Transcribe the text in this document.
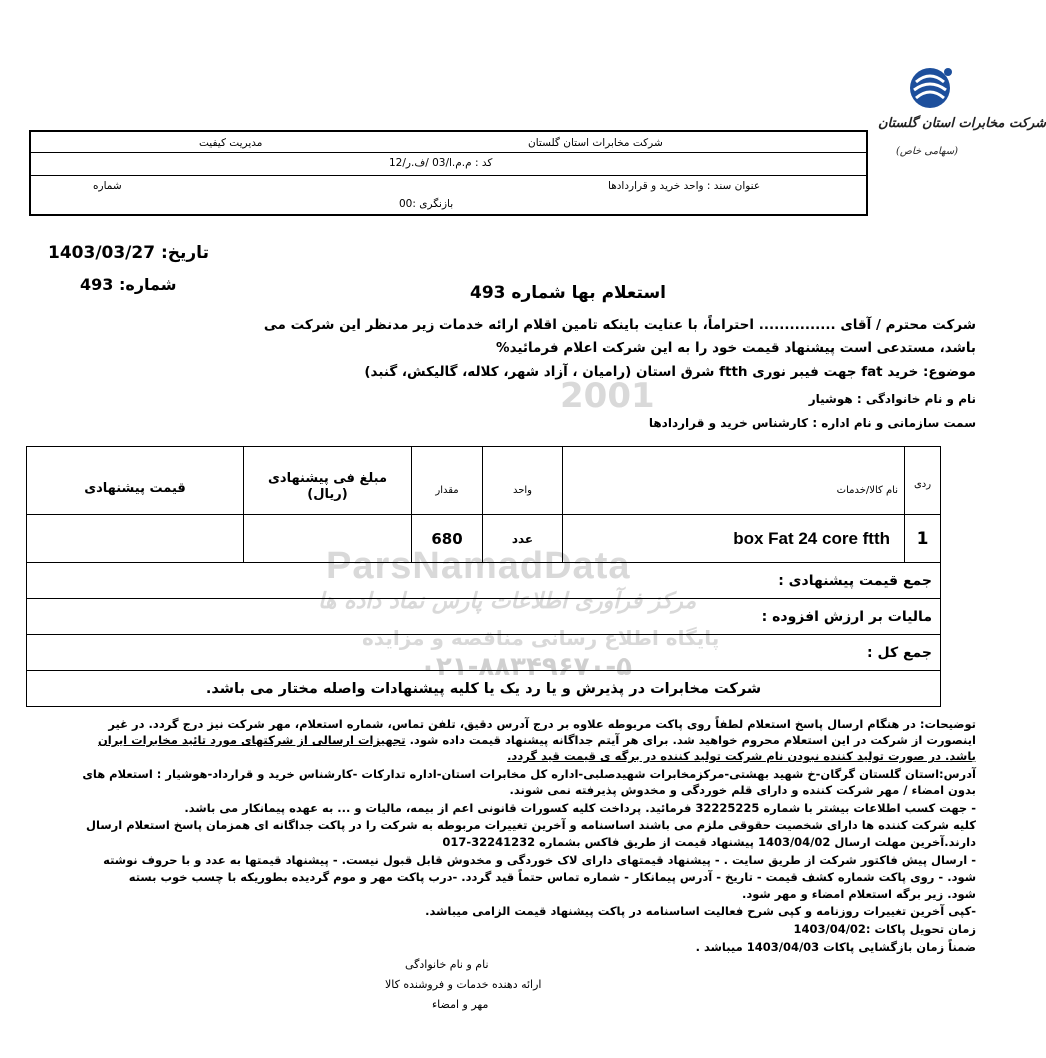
شرکت مخابرات استان گلستان
(سهامی خاص)
شرکت مخابرات استان گلستان
مدیریت کیفیت
کد : م.م.ا/03 /ف.ر/12
عنوان سند : واحد خرید و قراردادها
شماره
بازنگری :00
ParsNamadData
مرکز فرآوری اطلاعات پارس نماد داده ها
پایگاه اطلاع رسانی مناقصه و مزایده
۰۲۱-۸۸۳۴۹۶۷۰-۵
2001
تاریخ: 1403/03/27
شماره: 493	استعلام بها شماره 493
شرکت محترم / آقای ............... احتراماً، با عنایت باینکه تامین اقلام ارائه خدمات زیر مدنظر این شرکت می
باشد، مستدعی است پیشنهاد قیمت خود را به این شرکت اعلام فرمائید%
موضوع: خرید fat جهت فیبر نوری ftth شرق استان (رامیان ، آزاد شهر، کلاله، گالیکش، گنبد)
نام و نام خانوادگی : هوشیار
سمت سازمانی و نام اداره : کارشناس خرید و قراردادها
ردی	نام کالا/خدمات	واحد	مقدار	مبلغ فی پیشنهادی (ریال)	قیمت پیشنهادی
1	box Fat 24 core ftth	عدد	680		
جمع قیمت پیشنهادی :					
مالیات بر ارزش افزوده :					
جمع کل :					
شرکت مخابرات در پذیرش و یا رد یک یا کلیه پیشنهادات واصله مختار می باشد.					
توضیحات: در هنگام ارسال پاسخ استعلام لطفاً روی پاکت مربوطه علاوه بر درج آدرس دقیق، تلفن تماس، شماره استعلام، مهر شرکت نیز درج گردد. در غیر
اینصورت از شرکت در این استعلام محروم خواهید شد. برای هر آیتم جداگانه پیشنهاد قیمت داده شود. تجهیزات ارسالی از شرکتهای مورد تائید مخابرات ایران
باشد. در صورت تولید کننده نبودن نام شرکت تولید کننده در برگه ی قیمت قید گردد.
آدرس:استان گلستان گرگان-خ شهید بهشتی-مرکزمخابرات شهیدصلبی-اداره کل مخابرات استان-اداره تدارکات -کارشناس خرید و قرارداد-هوشیار : استعلام های
بدون امضاء / مهر شرکت کننده و دارای قلم خوردگی و مخدوش پذیرفته نمی شوند.
- جهت کسب اطلاعات بیشتر با شماره 32225225 فرمائید. پرداخت کلیه کسورات قانونی اعم از بیمه، مالیات و ... به عهده پیمانکار می باشد.
کلیه شرکت کننده ها دارای شخصیت حقوقی ملزم می باشند اساسنامه و آخرین تغییرات مربوطه به شرکت را در پاکت جداگانه ای همزمان پاسخ استعلام ارسال
دارند.آخرین مهلت ارسال 1403/04/02 پیشنهاد قیمت از طریق فاکس بشماره 32241232-017
- ارسال پیش فاکتور شرکت از طریق سایت . - پیشنهاد قیمتهای دارای لاک خوردگی و مخدوش قابل قبول نیست. - پیشنهاد قیمتها به عدد و با حروف نوشته
شود. - روی پاکت شماره کشف قیمت - تاریخ - آدرس پیمانکار - شماره تماس حتماً قید گردد. -درب پاکت مهر و موم گردیده بطوریکه با چسب خوب بسته
شود. زیر برگه استعلام امضاء و مهر شود.
-کپی آخرین تغییرات روزنامه و کپی شرح فعالیت اساسنامه در پاکت پیشنهاد قیمت الزامی میباشد.
زمان تحویل پاکات :1403/04/02
ضمناً زمان بازگشایی پاکات 1403/04/03 میباشد .
نام و نام خانوادگی
ارائه دهنده خدمات و فروشنده کالا
مهر و امضاء
